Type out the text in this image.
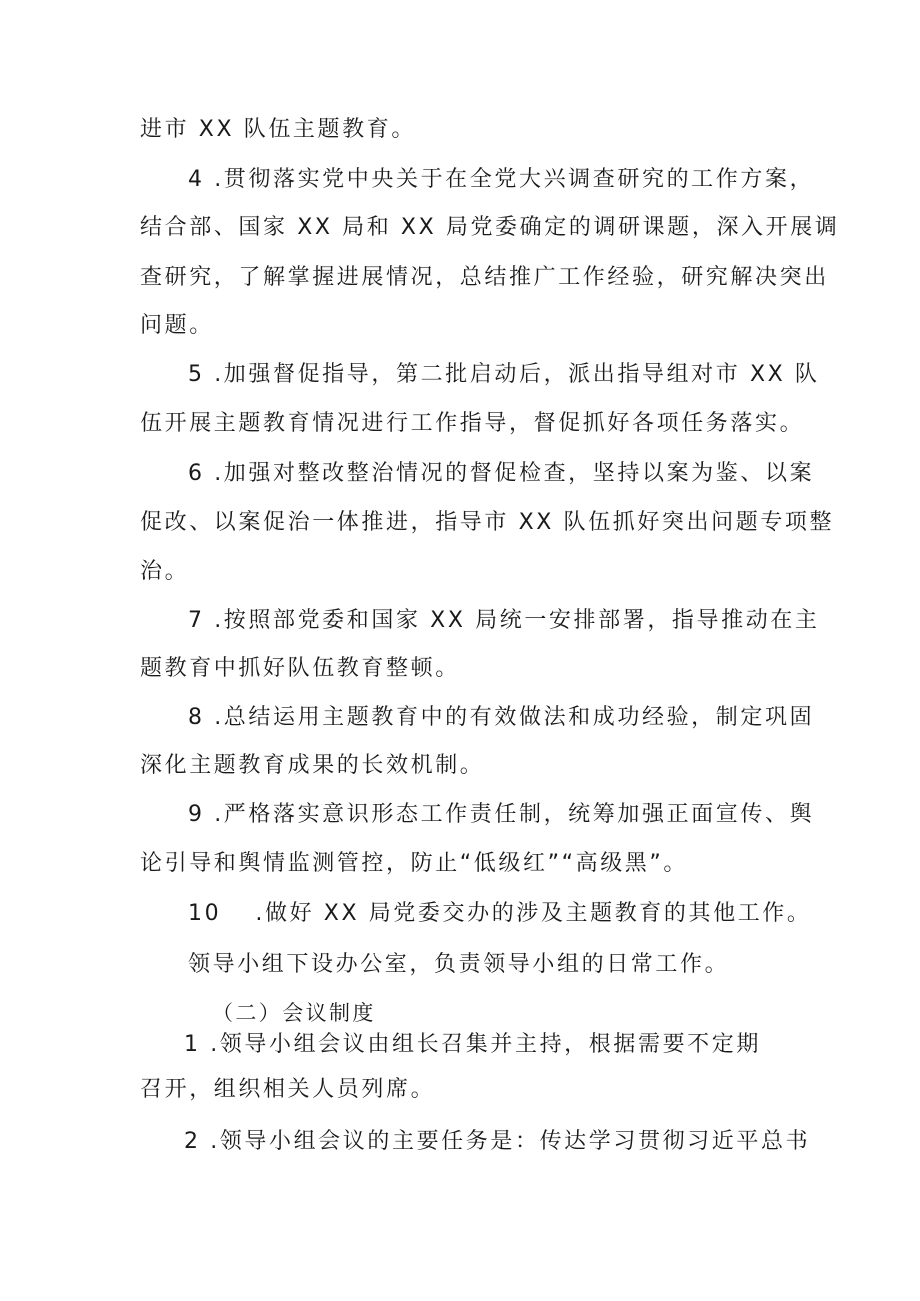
进市 XX 队伍主题教育。
4 .贯彻落实党中央关于在全党大兴调查研究的工作方案，
结合部、国家 XX 局和 XX 局党委确定的调研课题，深入开展调
查研究，了解掌握进展情况，总结推广工作经验，研究解决突出
问题。
5 .加强督促指导，第二批启动后，派出指导组对市 XX 队
伍开展主题教育情况进行工作指导，督促抓好各项任务落实。
6 .加强对整改整治情况的督促检查，坚持以案为鉴、以案
促改、以案促治一体推进，指导市 XX 队伍抓好突出问题专项整
治。
7 .按照部党委和国家 XX 局统一安排部署，指导推动在主
题教育中抓好队伍教育整顿。
8 .总结运用主题教育中的有效做法和成功经验，制定巩固
深化主题教育成果的长效机制。
9 .严格落实意识形态工作责任制，统筹加强正面宣传、舆
论引导和舆情监测管控，防止“低级红”“高级黑”。
10　 .做好 XX 局党委交办的涉及主题教育的其他工作。
领导小组下设办公室，负责领导小组的日常工作。
（二）会议制度
1 .领导小组会议由组长召集并主持，根据需要不定期
召开，组织相关人员列席。
2 .领导小组会议的主要任务是：传达学习贯彻习近平总书
